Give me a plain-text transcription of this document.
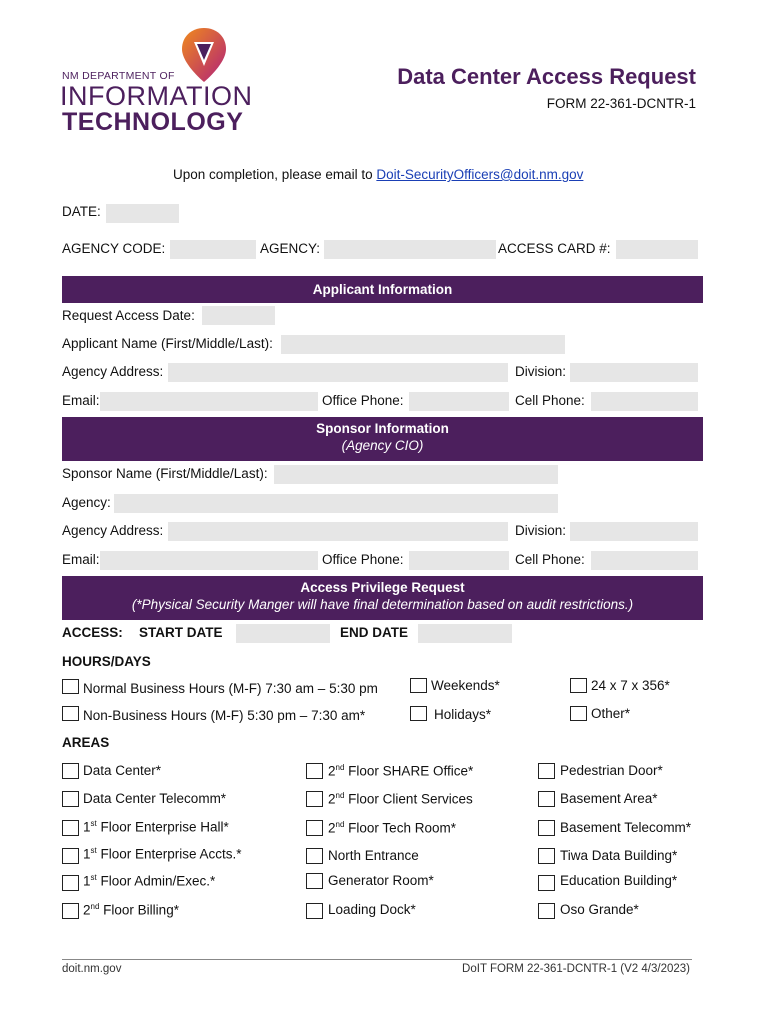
NM DEPARTMENT OF
INFORMATION
TECHNOLOGY
Data Center Access Request
FORM 22-361-DCNTR-1
Upon completion, please email to Doit-SecurityOfficers@doit.nm.gov
DATE:
AGENCY CODE:	AGENCY:	ACCESS CARD #:
Applicant Information
Request Access Date:
Applicant Name (First/Middle/Last):
Agency Address:	Division:
Email:	Office Phone:	Cell Phone:
Sponsor Information
(Agency CIO)
Sponsor Name (First/Middle/Last):
Agency:
Agency Address:	Division:
Email:	Office Phone:	Cell Phone:
Access Privilege Request
(*Physical Security Manger will have final determination based on audit restrictions.)
ACCESS: START DATE	END DATE
HOURS/DAYS
Normal Business Hours (M-F) 7:30 am – 5:30 pm	Weekends*	24 x 7 x 356*
Non-Business Hours (M-F) 5:30 pm – 7:30 am*	Holidays*	Other*
AREAS
Data Center*	2nd Floor SHARE Office*	Pedestrian Door*
Data Center Telecomm*	2nd Floor Client Services	Basement Area*
1st Floor Enterprise Hall*	2nd Floor Tech Room*	Basement Telecomm*
1st Floor Enterprise Accts.*	North Entrance	Tiwa Data Building*
1st Floor Admin/Exec.*	Generator Room*	Education Building*
2nd Floor Billing*	Loading Dock*	Oso Grande*
doit.nm.gov	DoIT FORM 22-361-DCNTR-1 (V2 4/3/2023)
